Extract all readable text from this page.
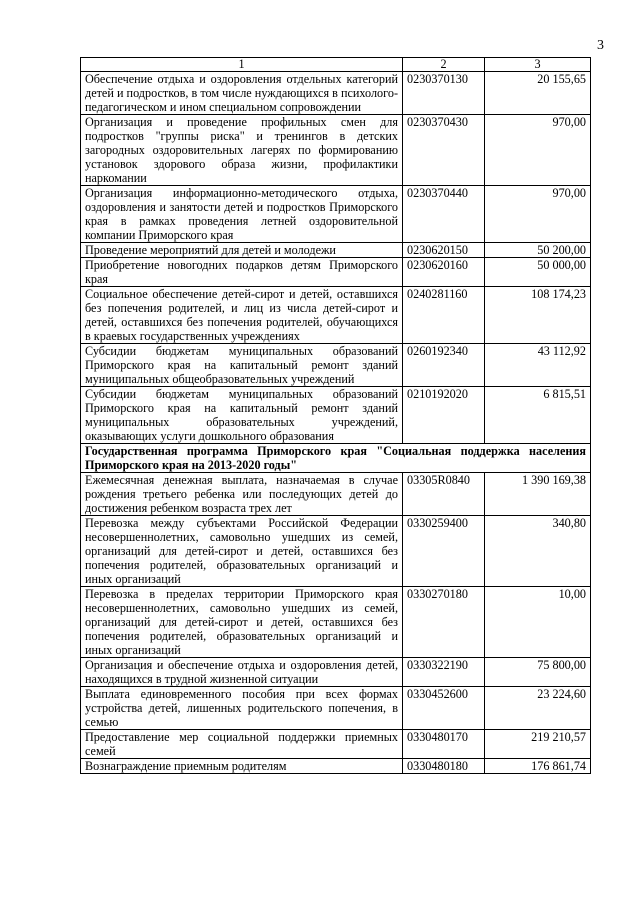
3
1	2	3
Обеспечение отдыха и оздоровления отдельных категорий детей и подростков, в том числе нуждающихся в психолого-педагогическом и ином специальном сопровождении	0230370130	20 155,65
Организация и проведение профильных смен для подростков "группы риска" и тренингов в детских загородных оздоровительных лагерях по формированию установок здорового образа жизни, профилактики наркомании	0230370430	970,00
Организация информационно-методического отдыха, оздоровления и занятости детей и подростков Приморского края в рамках проведения летней оздоровительной компании Приморского края	0230370440	970,00
Проведение мероприятий для детей и молодежи	0230620150	50 200,00
Приобретение новогодних подарков детям Приморского края	0230620160	50 000,00
Социальное обеспечение детей-сирот и детей, оставшихся без попечения родителей, и лиц из числа детей-сирот и детей, оставшихся без попечения родителей, обучающихся в краевых государственных учреждениях	0240281160	108 174,23
Субсидии бюджетам муниципальных образований Приморского края на капитальный ремонт зданий муниципальных общеобразовательных учреждений	0260192340	43 112,92
Субсидии бюджетам муниципальных образований Приморского края на капитальный ремонт зданий муниципальных образовательных учреждений, оказывающих услуги дошкольного образования	0210192020	6 815,51
Государственная программа Приморского края "Социальная поддержка населения Приморского края на 2013-2020 годы"		
Ежемесячная денежная выплата, назначаемая в случае рождения третьего ребенка или последующих детей до достижения ребенком возраста трех лет	03305R0840	1 390 169,38
Перевозка между субъектами Российской Федерации несовершеннолетних, самовольно ушедших из семей, организаций для детей-сирот и детей, оставшихся без попечения родителей, образовательных организаций и иных организаций	0330259400	340,80
Перевозка в пределах территории Приморского края несовершеннолетних, самовольно ушедших из семей, организаций для детей-сирот и детей, оставшихся без попечения родителей, образовательных организаций и иных организаций	0330270180	10,00
Организация и обеспечение отдыха и оздоровления детей, находящихся в трудной жизненной ситуации	0330322190	75 800,00
Выплата единовременного пособия при всех формах устройства детей, лишенных родительского попечения, в семью	0330452600	23 224,60
Предоставление мер социальной поддержки приемных семей	0330480170	219 210,57
Вознаграждение приемным родителям	0330480180	176 861,74
